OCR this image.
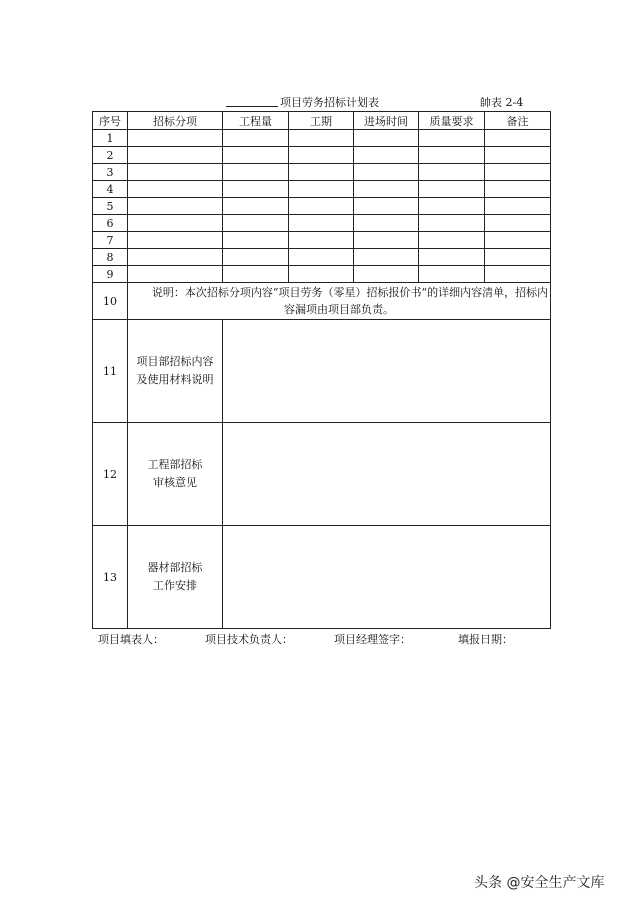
项目劳务招标计划表	帥表 2-4
序号	招标分项	工程量	工期	进场时间	质量要求	备注
1						
2						
3						
4						
5						
6						
7						
8						
9						
10	说明：本次招标分项内容“项目劳务（零星）招标报价书“的详细内容清单，招标内容漏项由项目部负责。					
11	项目部招标内容
及使用材料说明					

12	工程部招标
审核意见					

13	器材部招标
工作安排					

项目填表人：	项目技术负责人：	项目经理签字：	填报日期：
头条 @安全生产文库
